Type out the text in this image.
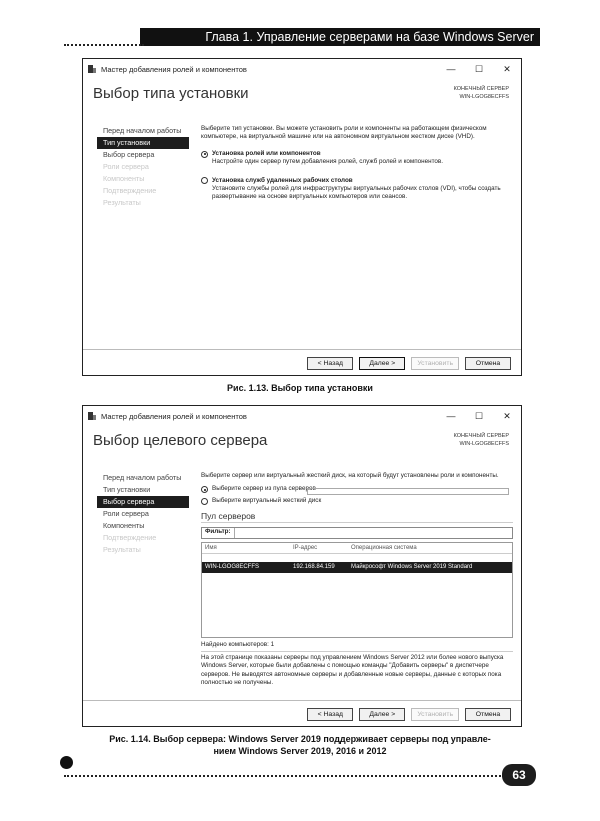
Глава 1. Управление серверами на базе Windows Server
Мастер добавления ролей и компонентов	—	☐	✕
Выбор типа установки	КОНЕЧНЫЙ СЕРВЕР
WIN-LGOG8ECFFS
Перед началом работы
Тип установки
Выбор сервера
Роли сервера
Компоненты
Подтверждение
Результаты

Выберите тип установки. Вы можете установить роли и компоненты на работающем физическом компьютере, на виртуальной машине или на автономном виртуальном жестком диске (VHD).

Установка ролей или компонентов

Настройте один сервер путем добавления ролей, служб ролей и компонентов.

Установка служб удаленных рабочих столов

Установите службы ролей для инфраструктуры виртуальных рабочих столов (VDI), чтобы создать развертывание на основе виртуальных компьютеров или сеансов.

< Назад	Далее >	Установить	Отмена
Рис. 1.13. Выбор типа установки
Мастер добавления ролей и компонентов	—	☐	✕
Выбор целевого сервера	КОНЕЧНЫЙ СЕРВЕР
WIN-LGOG8ECFFS
Перед началом работы
Тип установки
Выбор сервера
Роли сервера
Компоненты
Подтверждение
Результаты

Выберите сервер или виртуальный жесткий диск, на который будут установлены роли и компоненты.

Выберите сервер из пула серверов
Выберите виртуальный жесткий диск
Пул серверов
Фильтр:
Имя	IP-адрес	Операционная система
WIN-LGOG8ECFFS	192.168.84.159	Майкрософт Windows Server 2019 Standard

Найдено компьютеров: 1

На этой странице показаны серверы под управлением Windows Server 2012 или более нового выпуска Windows Server, которые были добавлены с помощью команды "Добавить серверы" в диспетчере серверов. Не выводятся автономные серверы и добавленные новые серверы, данные с которых пока полностью не получены.

< Назад	Далее >	Установить	Отмена
Рис. 1.14. Выбор сервера: Windows Server 2019 поддерживает серверы под управле-
нием Windows Server 2019, 2016 и 2012
63
